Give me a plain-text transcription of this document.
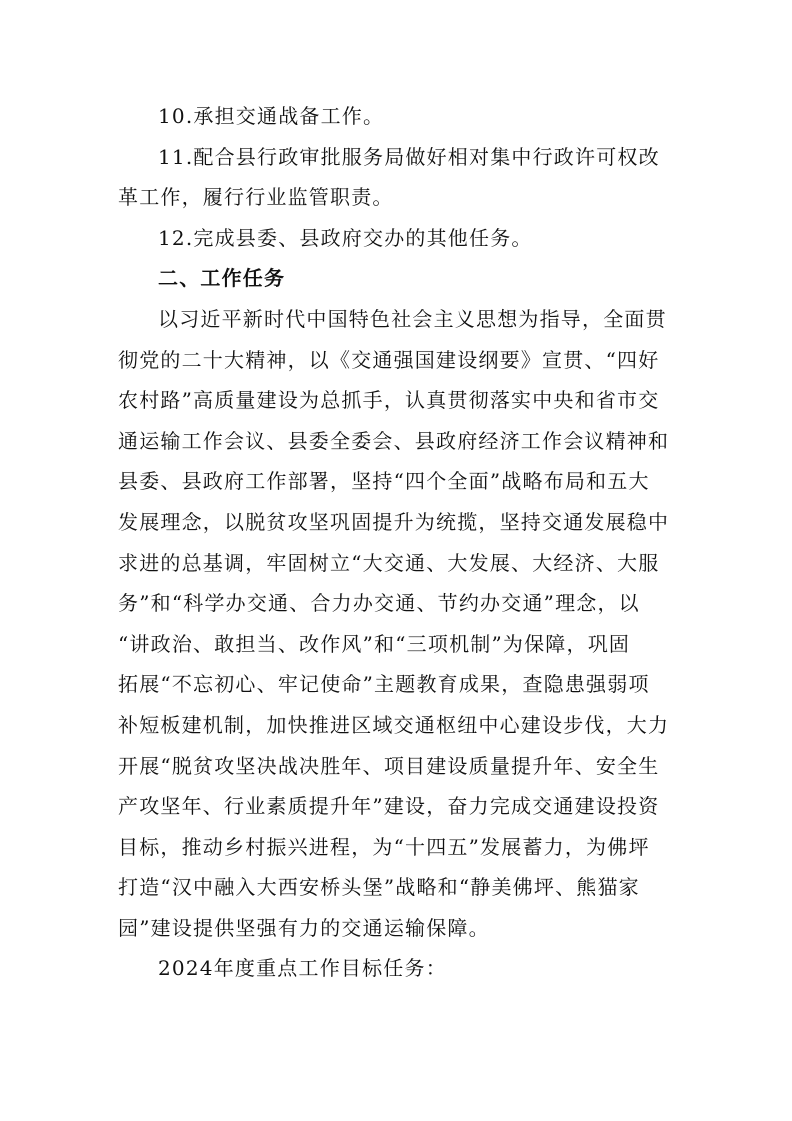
10.承担交通战备工作。

11.配合县行政审批服务局做好相对集中行政许可权改
革工作，履行行业监管职责。

12.完成县委、县政府交办的其他任务。

二、工作任务

以习近平新时代中国特色社会主义思想为指导，全面贯
彻党的二十大精神，以《交通强国建设纲要》宣贯、“四好
农村路”高质量建设为总抓手，认真贯彻落实中央和省市交
通运输工作会议、县委全委会、县政府经济工作会议精神和
县委、县政府工作部署，坚持“四个全面”战略布局和五大
发展理念，以脱贫攻坚巩固提升为统揽，坚持交通发展稳中
求进的总基调，牢固树立“大交通、大发展、大经济、大服
务”和“科学办交通、合力办交通、节约办交通”理念，以
“讲政治、敢担当、改作风”和“三项机制”为保障，巩固
拓展“不忘初心、牢记使命”主题教育成果，查隐患强弱项
补短板建机制，加快推进区域交通枢纽中心建设步伐，大力
开展“脱贫攻坚决战决胜年、项目建设质量提升年、安全生
产攻坚年、行业素质提升年”建设，奋力完成交通建设投资
目标，推动乡村振兴进程，为“十四五”发展蓄力，为佛坪
打造“汉中融入大西安桥头堡”战略和“静美佛坪、熊猫家
园”建设提供坚强有力的交通运输保障。

2024年度重点工作目标任务：
